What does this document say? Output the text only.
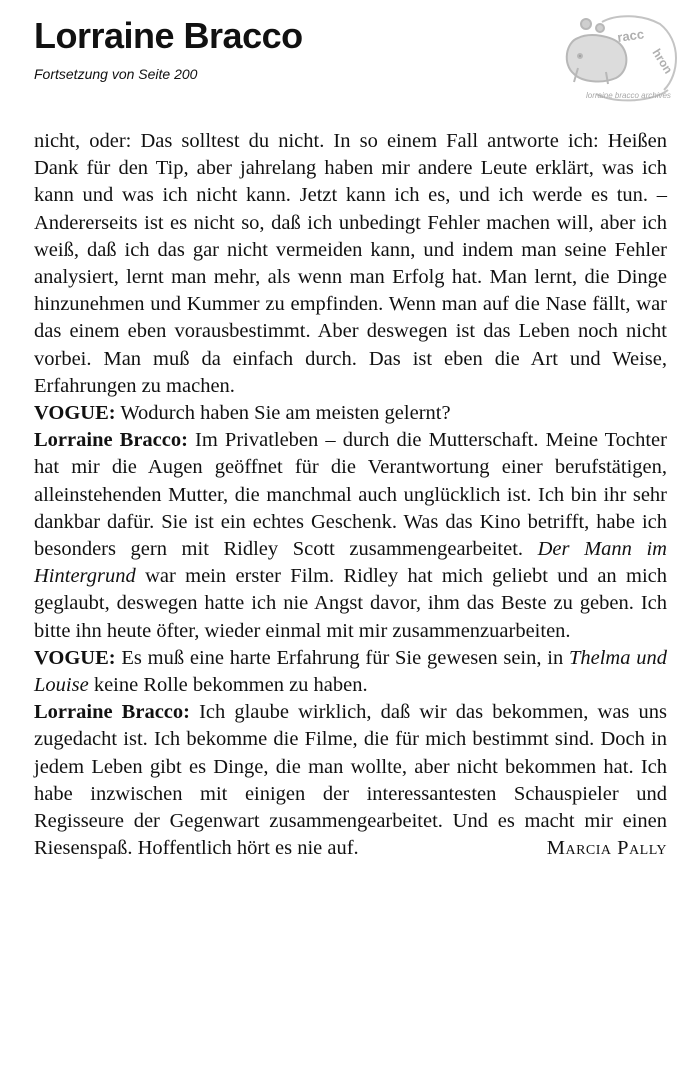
Lorraine Bracco
Fortsetzung von Seite 200
racc
hron
lorraine bracco archives

nicht, oder: Das solltest du nicht. In so einem Fall antworte ich: Heißen Dank für den Tip, aber jahrelang haben mir andere Leute erklärt, was ich kann und was ich nicht kann. Jetzt kann ich es, und ich werde es tun. – Andererseits ist es nicht so, daß ich unbedingt Fehler machen will, aber ich weiß, daß ich das gar nicht vermeiden kann, und indem man seine Fehler analysiert, lernt man mehr, als wenn man Erfolg hat. Man lernt, die Dinge hinzunehmen und Kummer zu empfinden. Wenn man auf die Nase fällt, war das einem eben vorausbestimmt. Aber deswegen ist das Leben noch nicht vorbei. Man muß da einfach durch. Das ist eben die Art und Weise, Erfahrungen zu machen.

VOGUE: Wodurch haben Sie am meisten gelernt?

Lorraine Bracco: Im Privatleben – durch die Mutterschaft. Meine Tochter hat mir die Augen geöffnet für die Verantwortung einer berufstätigen, alleinstehenden Mutter, die manchmal auch unglücklich ist. Ich bin ihr sehr dankbar dafür. Sie ist ein echtes Geschenk. Was das Kino betrifft, habe ich besonders gern mit Ridley Scott zusammengearbeitet. Der Mann im Hintergrund war mein erster Film. Ridley hat mich geliebt und an mich geglaubt, deswegen hatte ich nie Angst davor, ihm das Beste zu geben. Ich bitte ihn heute öfter, wieder einmal mit mir zusammenzuarbeiten.

VOGUE: Es muß eine harte Erfahrung für Sie gewesen sein, in Thelma und Louise keine Rolle bekommen zu haben.

Lorraine Bracco: Ich glaube wirklich, daß wir das bekommen, was uns zugedacht ist. Ich bekomme die Filme, die für mich bestimmt sind. Doch in jedem Leben gibt es Dinge, die man wollte, aber nicht bekommen hat. Ich habe inzwischen mit einigen der interessantesten Schauspieler und Regisseure der Gegenwart zusammengearbeitet. Und es macht mir einen Riesenspaß. Hoffentlich hört es nie auf.	Marcia Pally
